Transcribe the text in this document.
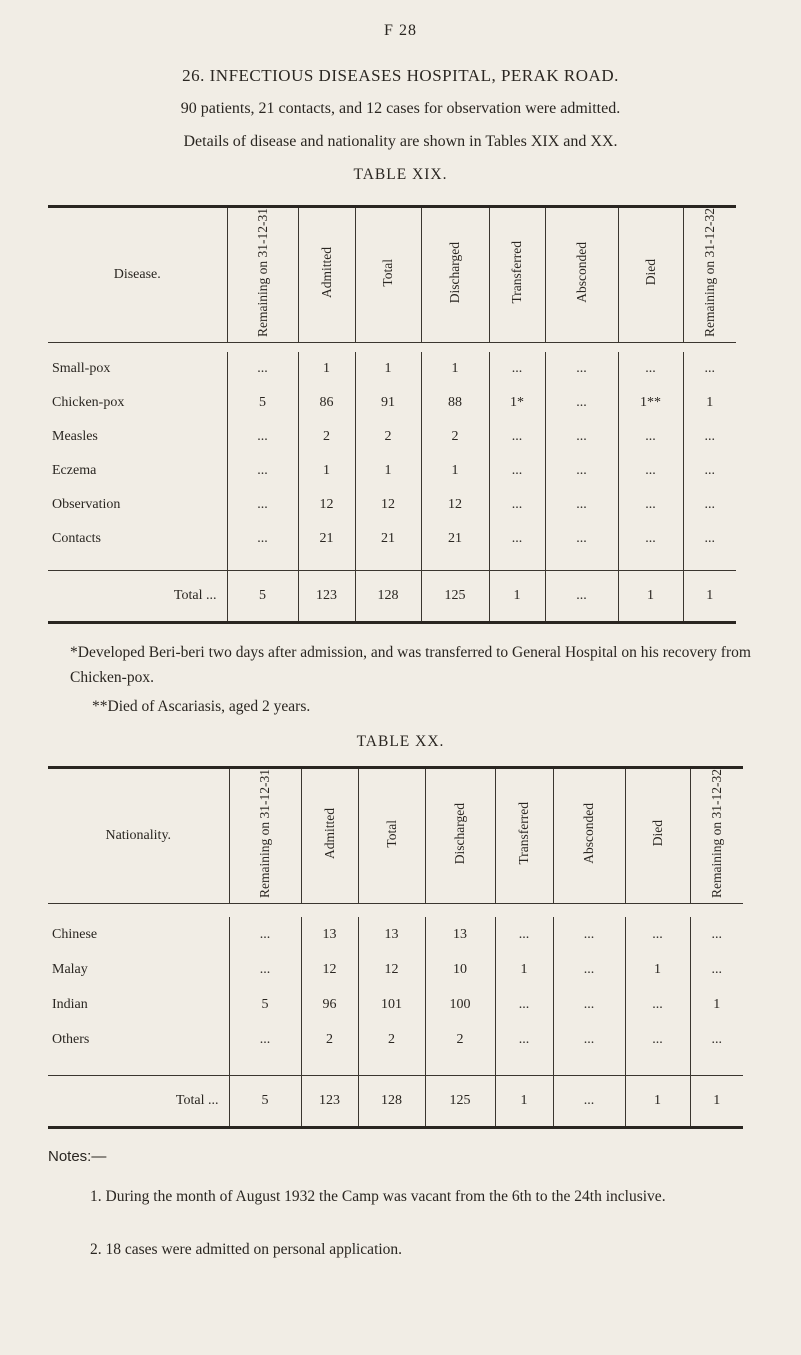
F 28
26. INFECTIOUS DISEASES HOSPITAL, PERAK ROAD.
90 patients, 21 contacts, and 12 cases for observation were admitted.
Details of disease and nationality are shown in Tables XIX and XX.
TABLE XIX.
Disease.	Remaining on 31-12-31	Admitted	Total	Discharged	Transferred	Absconded	Died	Remaining on 31-12-32

Small-pox	...	1	1	1	...	...	...	...
Chicken-pox	5	86	91	88	1*	...	1**	1
Measles	...	2	2	2	...	...	...	...
Eczema	...	1	1	1	...	...	...	...
Observation	...	12	12	12	...	...	...	...
Contacts	...	21	21	21	...	...	...	...

Total ...	5	123	128	125	1	...	1	1
*Developed Beri-beri two days after admission, and was transferred to General Hospital on his recovery from Chicken-pox.
**Died of Ascariasis, aged 2 years.
TABLE XX.
Nationality.	Remaining on 31-12-31	Admitted	Total	Discharged	Transferred	Absconded	Died	Remaining on 31-12-32

Chinese	...	13	13	13	...	...	...	...
Malay	...	12	12	10	1	...	1	...
Indian	5	96	101	100	...	...	...	1
Others	...	2	2	2	...	...	...	...

Total ...	5	123	128	125	1	...	1	1
Notes:—
1. During the month of August 1932 the Camp was vacant from the 6th to the 24th inclusive.
2. 18 cases were admitted on personal application.
